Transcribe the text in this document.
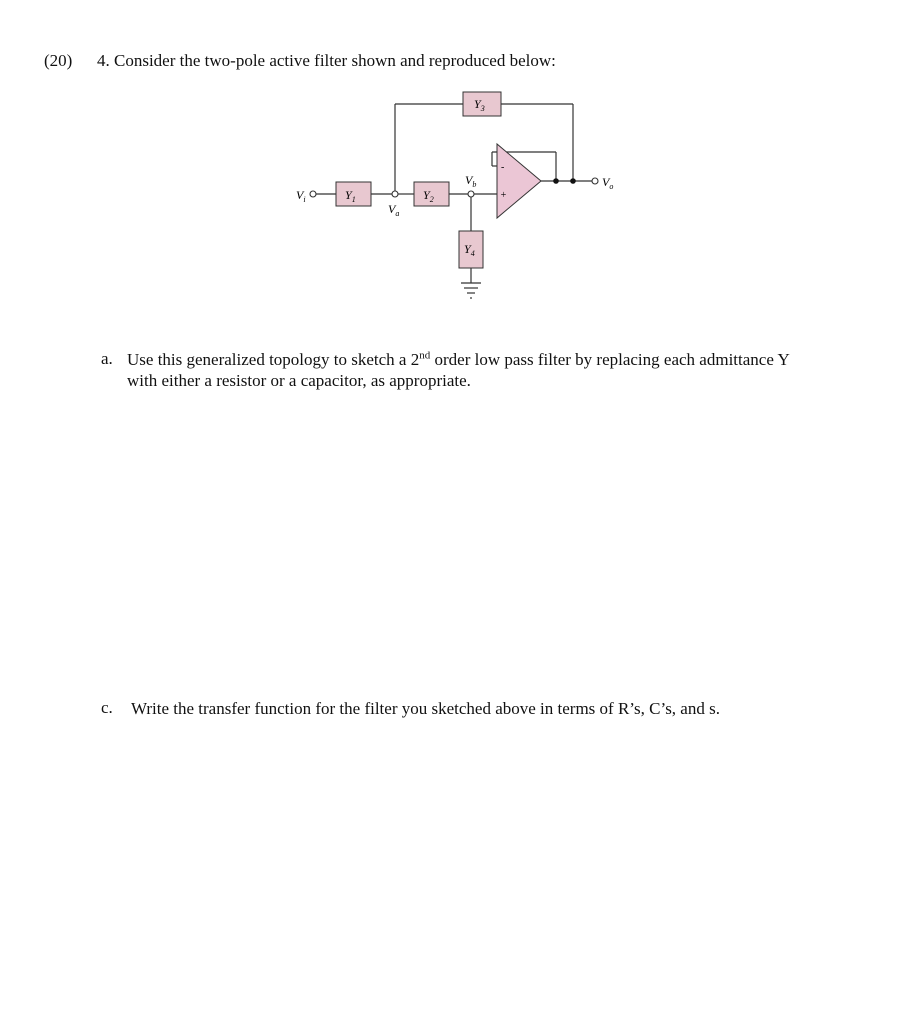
(20) 4. Consider the two-pole active filter shown and reproduced below:
$Y_1$	$Y_2$
$Y_3$
$Y_4$
$V_i$
$V_a$
$V_b$	$V_o$
-
+
a. Use this generalized topology to sketch a 2nd order low pass filter by replacing each admittance Y
with either a resistor or a capacitor, as appropriate.
c. Write the transfer function for the filter you sketched above in terms of R’s, C’s, and s.
